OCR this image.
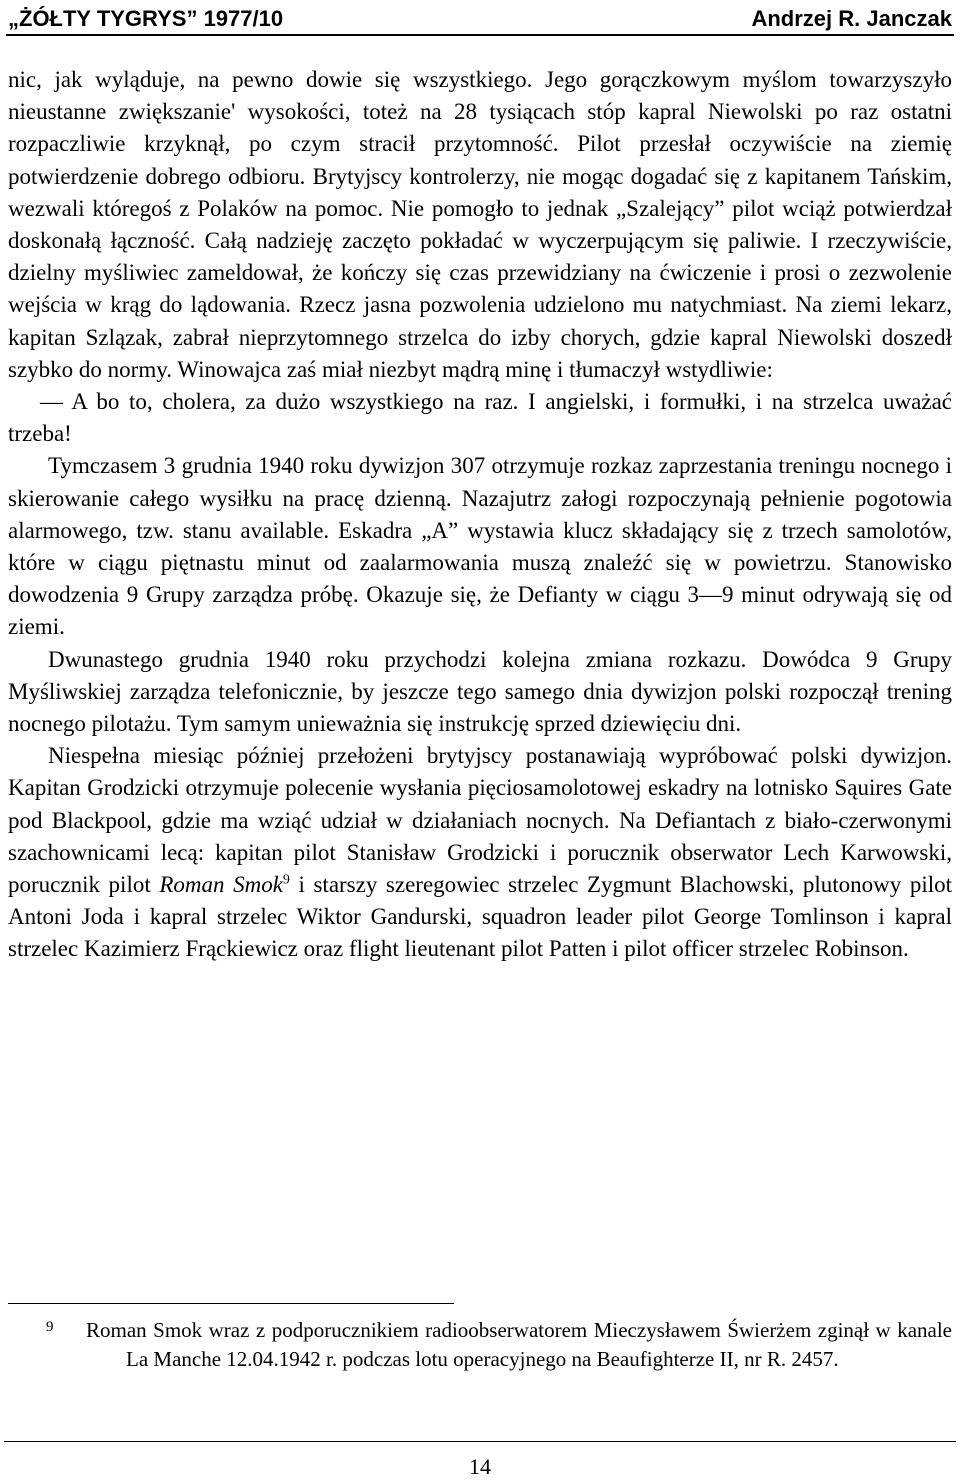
„ŻÓŁTY TYGRYS” 1977/10	Andrzej R. Janczak

nic, jak wyląduje, na pewno dowie się wszystkiego. Jego gorączkowym myślom towarzyszyło nieustanne zwiększanie' wysokości, toteż na 28 tysiącach stóp kapral Niewolski po raz ostatni rozpaczliwie krzyknął, po czym stracił przytomność. Pilot przesłał oczywiście na ziemię potwierdzenie dobrego odbioru. Brytyjscy kontrolerzy, nie mogąc dogadać się z kapitanem Tańskim, wezwali któregoś z Polaków na pomoc. Nie pomogło to jednak „Szalejący” pilot wciąż potwierdzał doskonałą łączność. Całą nadzieję zaczęto pokładać w wyczerpującym się paliwie. I rzeczywiście, dzielny myśliwiec zameldował, że kończy się czas przewidziany na ćwiczenie i prosi o zezwolenie wejścia w krąg do lądowania. Rzecz jasna pozwolenia udzielono mu natychmiast. Na ziemi lekarz, kapitan Szlązak, zabrał nieprzytomnego strzelca do izby chorych, gdzie kapral Niewolski doszedł szybko do normy. Winowajca zaś miał niezbyt mądrą minę i tłumaczył wstydliwie:

— A bo to, cholera, za dużo wszystkiego na raz. I angielski, i formułki, i na strzelca uważać trzeba!

Tymczasem 3 grudnia 1940 roku dywizjon 307 otrzymuje rozkaz zaprzestania treningu nocnego i skierowanie całego wysiłku na pracę dzienną. Nazajutrz załogi rozpoczynają pełnienie pogotowia alarmowego, tzw. stanu available. Eskadra „A” wystawia klucz składający się z trzech samolotów, które w ciągu piętnastu minut od zaalarmowania muszą znaleźć się w powietrzu. Stanowisko dowodzenia 9 Grupy zarządza próbę. Okazuje się, że Defianty w ciągu 3—9 minut odrywają się od ziemi.

Dwunastego grudnia 1940 roku przychodzi kolejna zmiana rozkazu. Dowódca 9 Grupy Myśliwskiej zarządza telefonicznie, by jeszcze tego samego dnia dywizjon polski rozpoczął trening nocnego pilotażu. Tym samym unieważnia się instrukcję sprzed dziewięciu dni.

Niespełna miesiąc później przełożeni brytyjscy postanawiają wypróbować polski dywizjon. Kapitan Grodzicki otrzymuje polecenie wysłania pięciosamolotowej eskadry na lotnisko Sąuires Gate pod Blackpool, gdzie ma wziąć udział w działaniach nocnych. Na Defiantach z biało-czerwonymi szachownicami lecą: kapitan pilot Stanisław Grodzicki i porucznik obserwator Lech Karwowski, porucznik pilot Roman Smok$^9$ i starszy szeregowiec strzelec Zygmunt Blachowski, plutonowy pilot Antoni Joda i kapral strzelec Wiktor Gandurski, squadron leader pilot George Tomlinson i kapral strzelec Kazimierz Frąckiewicz oraz flight lieutenant pilot Patten i pilot officer strzelec Robinson.

9 Roman Smok wraz z podporucznikiem radioobserwatorem Mieczysławem Świerżem zginął w kanale La Manche 12.04.1942 r. podczas lotu operacyjnego na Beaufighterze II, nr R. 2457.
14
